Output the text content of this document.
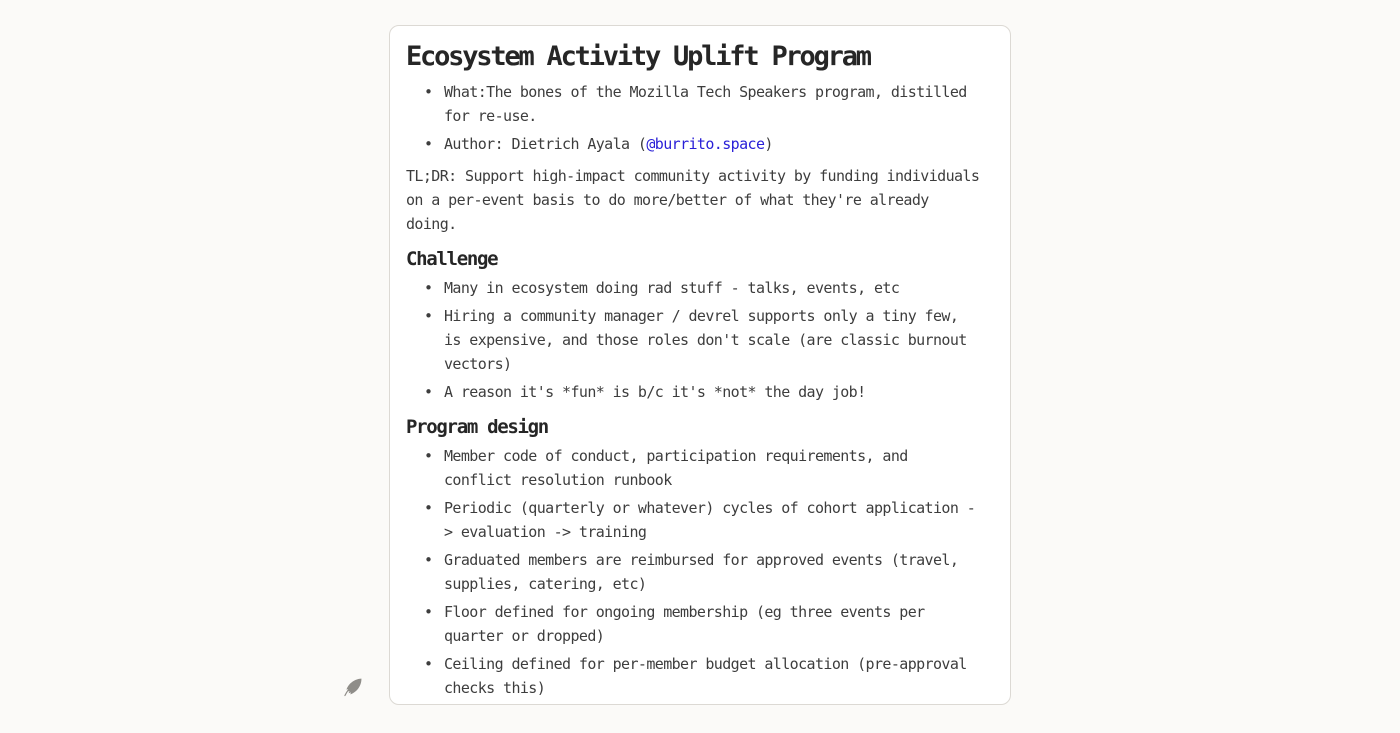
Ecosystem Activity Uplift Program
• What:The bones of the Mozilla Tech Speakers program, distilled for re-use.
• Author: Dietrich Ayala (@burrito.space)

TL;DR: Support high-impact community activity by funding individuals on a per-event basis to do more/better of what they're already doing.

Challenge
• Many in ecosystem doing rad stuff - talks, events, etc
• Hiring a community manager / devrel supports only a tiny few, is expensive, and those roles don't scale (are classic burnout vectors)
• A reason it's *fun* is b/c it's *not* the day job!
Program design
• Member code of conduct, participation requirements, and conflict resolution runbook
• Periodic (quarterly or whatever) cycles of cohort application -> evaluation -> training
• Graduated members are reimbursed for approved events (travel, supplies, catering, etc)
• Floor defined for ongoing membership (eg three events per quarter or dropped)
• Ceiling defined for per-member budget allocation (pre-approval checks this)
